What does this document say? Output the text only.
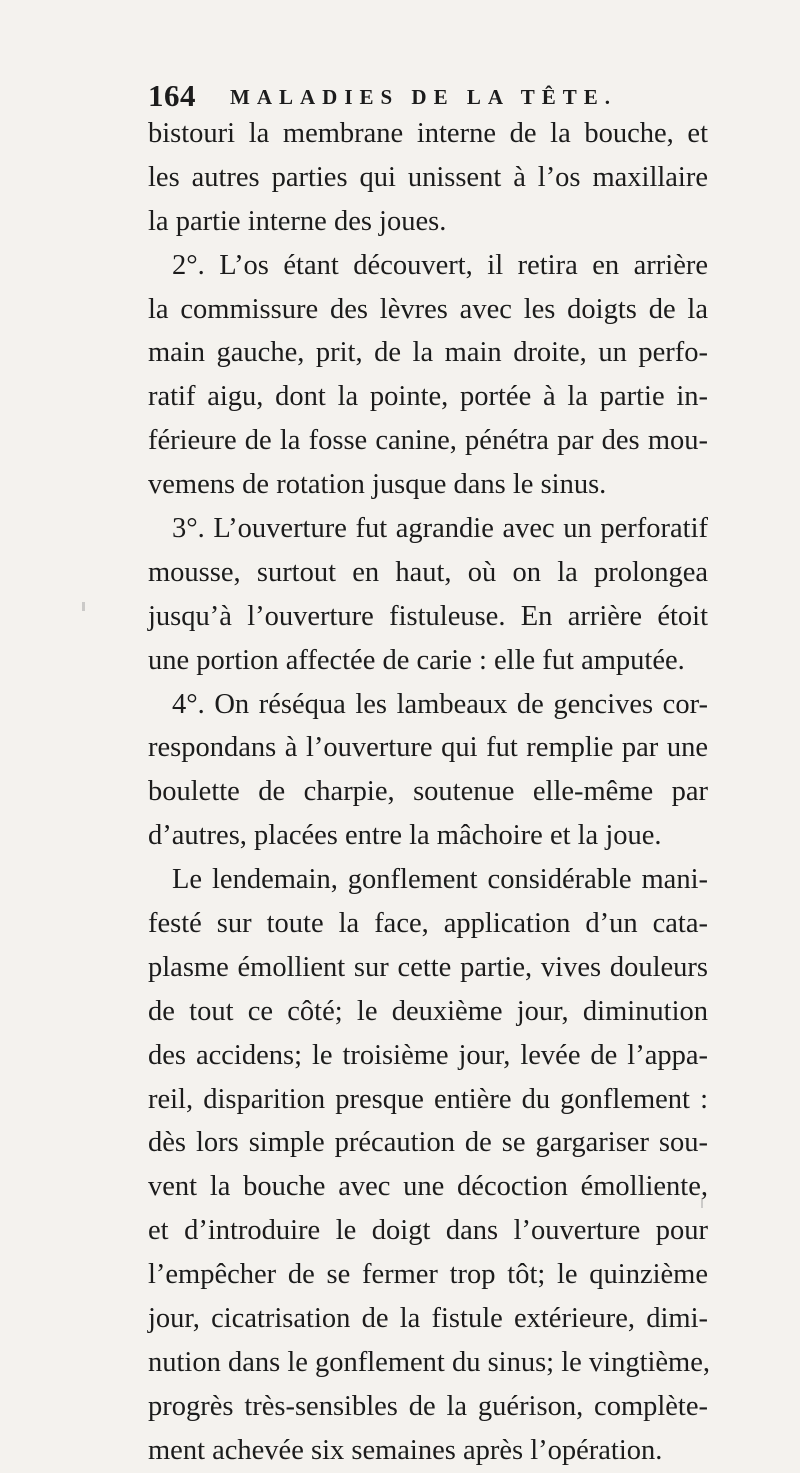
164 MALADIES DE LA TÊTE.
bistouri la membrane interne de la bouche, et
les autres parties qui unissent à l’os maxillaire
la partie interne des joues.
2°. L’os étant découvert, il retira en arrière
la commissure des lèvres avec les doigts de la
main gauche, prit, de la main droite, un perfo-
ratif aigu, dont la pointe, portée à la partie in-
férieure de la fosse canine, pénétra par des mou-
vemens de rotation jusque dans le sinus.
3°. L’ouverture fut agrandie avec un perforatif
mousse, surtout en haut, où on la prolongea
jusqu’à l’ouverture fistuleuse. En arrière étoit
une portion affectée de carie : elle fut amputée.
4°. On réséqua les lambeaux de gencives cor-
respondans à l’ouverture qui fut remplie par une
boulette de charpie, soutenue elle-même par
d’autres, placées entre la mâchoire et la joue.
Le lendemain, gonflement considérable mani-
festé sur toute la face, application d’un cata-
plasme émollient sur cette partie, vives douleurs
de tout ce côté; le deuxième jour, diminution
des accidens; le troisième jour, levée de l’appa-
reil, disparition presque entière du gonflement :
dès lors simple précaution de se gargariser sou-
vent la bouche avec une décoction émolliente,
et d’introduire le doigt dans l’ouverture pour
l’empêcher de se fermer trop tôt; le quinzième
jour, cicatrisation de la fistule extérieure, dimi-
nution dans le gonflement du sinus; le vingtième,
progrès très-sensibles de la guérison, complète-
ment achevée six semaines après l’opération.
